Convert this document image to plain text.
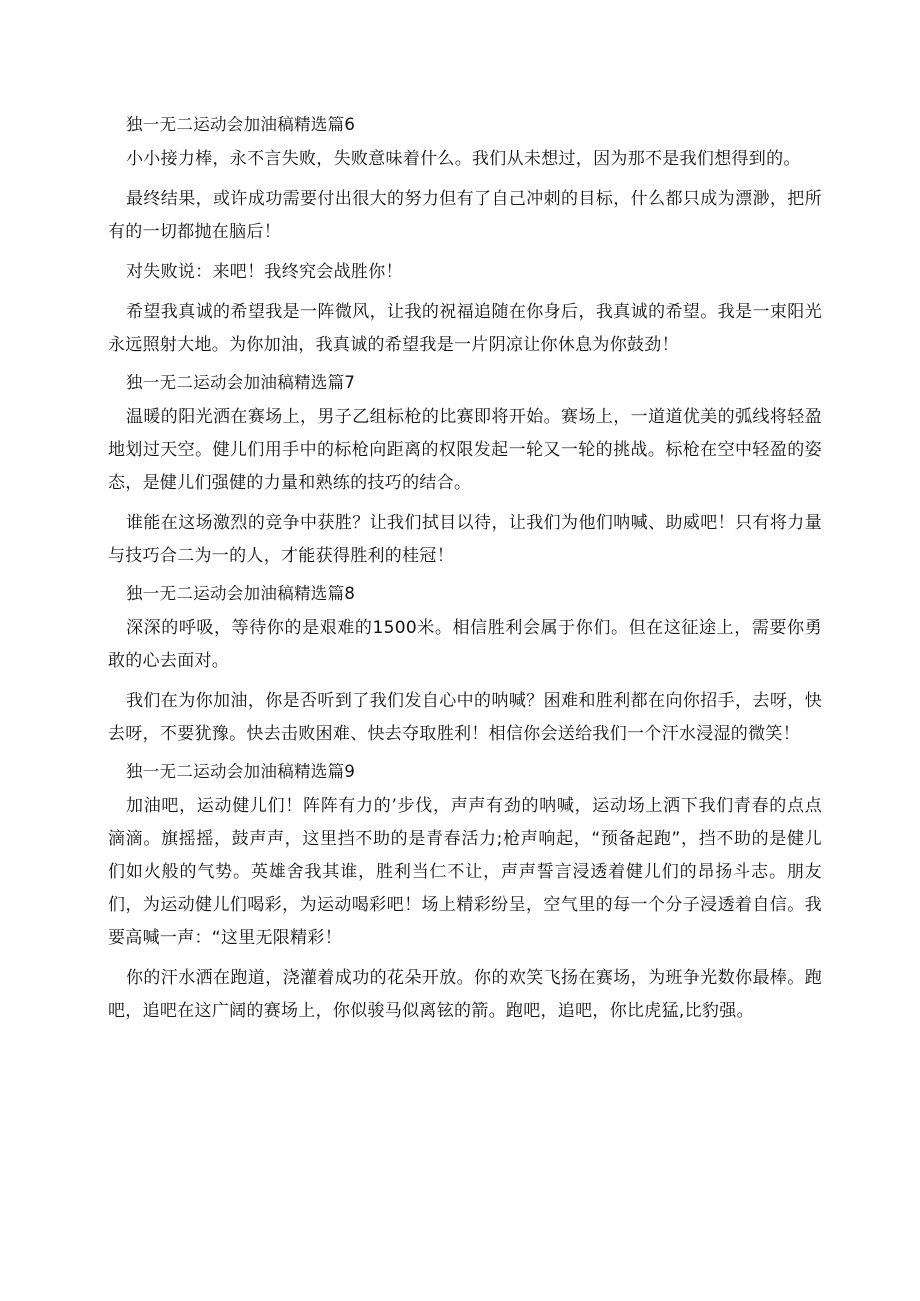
独一无二运动会加油稿精选篇6

小小接力棒，永不言失败，失败意味着什么。我们从未想过，因为那不是我们想得到的。

最终结果，或许成功需要付出很大的努力但有了自己冲刺的目标，什么都只成为漂渺，把所有的一切都抛在脑后！

对失败说：来吧！我终究会战胜你！

希望我真诚的希望我是一阵微风，让我的祝福追随在你身后，我真诚的希望。我是一束阳光永远照射大地。为你加油，我真诚的希望我是一片阴凉让你休息为你鼓劲！

独一无二运动会加油稿精选篇7

温暖的阳光洒在赛场上，男子乙组标枪的比赛即将开始。赛场上，一道道优美的弧线将轻盈地划过天空。健儿们用手中的标枪向距离的权限发起一轮又一轮的挑战。标枪在空中轻盈的姿态，是健儿们强健的力量和熟练的技巧的结合。

谁能在这场激烈的竞争中获胜？让我们拭目以待，让我们为他们呐喊、助威吧！只有将力量与技巧合二为一的人，才能获得胜利的桂冠！

独一无二运动会加油稿精选篇8

深深的呼吸，等待你的是艰难的1500米。相信胜利会属于你们。但在这征途上，需要你勇敢的心去面对。

我们在为你加油，你是否听到了我们发自心中的呐喊？困难和胜利都在向你招手，去呀，快去呀，不要犹豫。快去击败困难、快去夺取胜利！相信你会送给我们一个汗水浸湿的微笑！

独一无二运动会加油稿精选篇9

加油吧，运动健儿们！阵阵有力的’步伐，声声有劲的呐喊，运动场上洒下我们青春的点点滴滴。旗摇摇，鼓声声，这里挡不助的是青春活力;枪声响起，“预备起跑”，挡不助的是健儿们如火般的气势。英雄舍我其谁，胜利当仁不让，声声誓言浸透着健儿们的昂扬斗志。朋友们，为运动健儿们喝彩，为运动喝彩吧！场上精彩纷呈，空气里的每一个分子浸透着自信。我要高喊一声：“这里无限精彩！

你的汗水洒在跑道，浇灌着成功的花朵开放。你的欢笑飞扬在赛场，为班争光数你最棒。跑吧，追吧在这广阔的赛场上，你似骏马似离铉的箭。跑吧，追吧，你比虎猛,比豹强。
